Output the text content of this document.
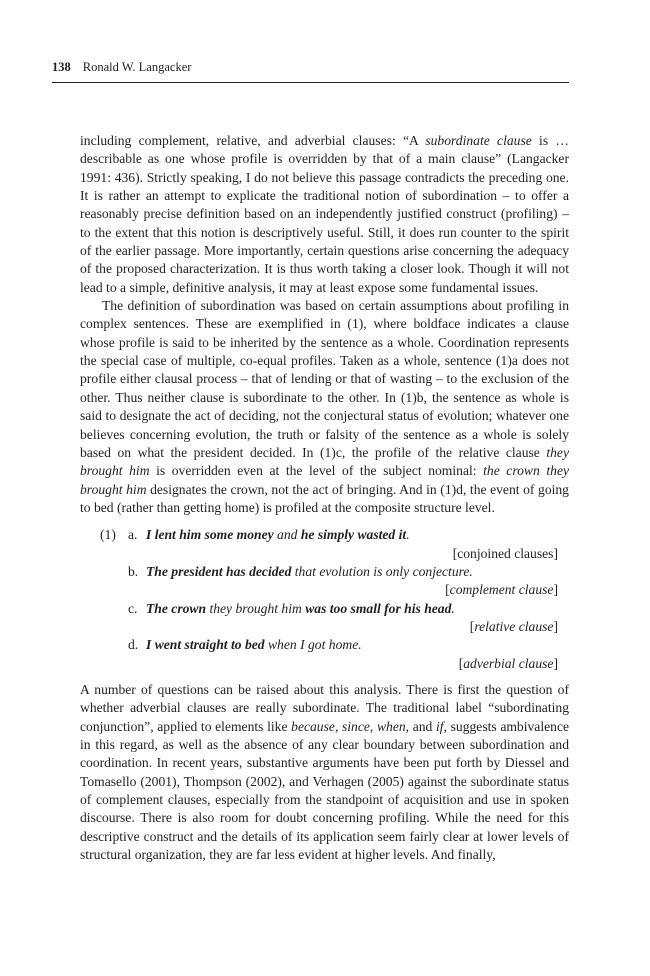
138 Ronald W. Langacker

including complement, relative, and adverbial clauses: “A subordinate clause is … describable as one whose profile is overridden by that of a main clause” (Langacker 1991: 436). Strictly speaking, I do not believe this passage contradicts the preceding one. It is rather an attempt to explicate the traditional notion of subordination – to offer a reasonably precise definition based on an independently justified construct (profiling) – to the extent that this notion is descriptively useful. Still, it does run counter to the spirit of the earlier passage. More importantly, certain questions arise concerning the adequacy of the proposed characterization. It is thus worth taking a closer look. Though it will not lead to a simple, definitive analysis, it may at least expose some fundamental issues.

The definition of subordination was based on certain assumptions about profiling in complex sentences. These are exemplified in (1), where boldface indicates a clause whose profile is said to be inherited by the sentence as a whole. Coordination represents the special case of multiple, co-equal profiles. Taken as a whole, sentence (1)a does not profile either clausal process – that of lending or that of wasting – to the exclusion of the other. Thus neither clause is subordinate to the other. In (1)b, the sentence as whole is said to designate the act of deciding, not the conjectural status of evolution; whatever one believes concerning evolution, the truth or falsity of the sentence as a whole is solely based on what the president decided. In (1)c, the profile of the relative clause they brought him is overridden even at the level of the subject nominal: the crown they brought him designates the crown, not the act of bringing. And in (1)d, the event of going to bed (rather than getting home) is profiled at the composite structure level.

(1) a. I lent him some money and he simply wasted it.
[conjoined clauses]
b. The president has decided that evolution is only conjecture.
[complement clause]
c. The crown they brought him was too small for his head.
[relative clause]
d. I went straight to bed when I got home.
[adverbial clause]

A number of questions can be raised about this analysis. There is first the question of whether adverbial clauses are really subordinate. The traditional label “subordinating conjunction”, applied to elements like because, since, when, and if, suggests ambivalence in this regard, as well as the absence of any clear boundary between subordination and coordination. In recent years, substantive arguments have been put forth by Diessel and Tomasello (2001), Thompson (2002), and Verhagen (2005) against the subordinate status of complement clauses, especially from the standpoint of acquisition and use in spoken discourse. There is also room for doubt concerning profiling. While the need for this descriptive construct and the details of its application seem fairly clear at lower levels of structural organization, they are far less evident at higher levels. And finally,
